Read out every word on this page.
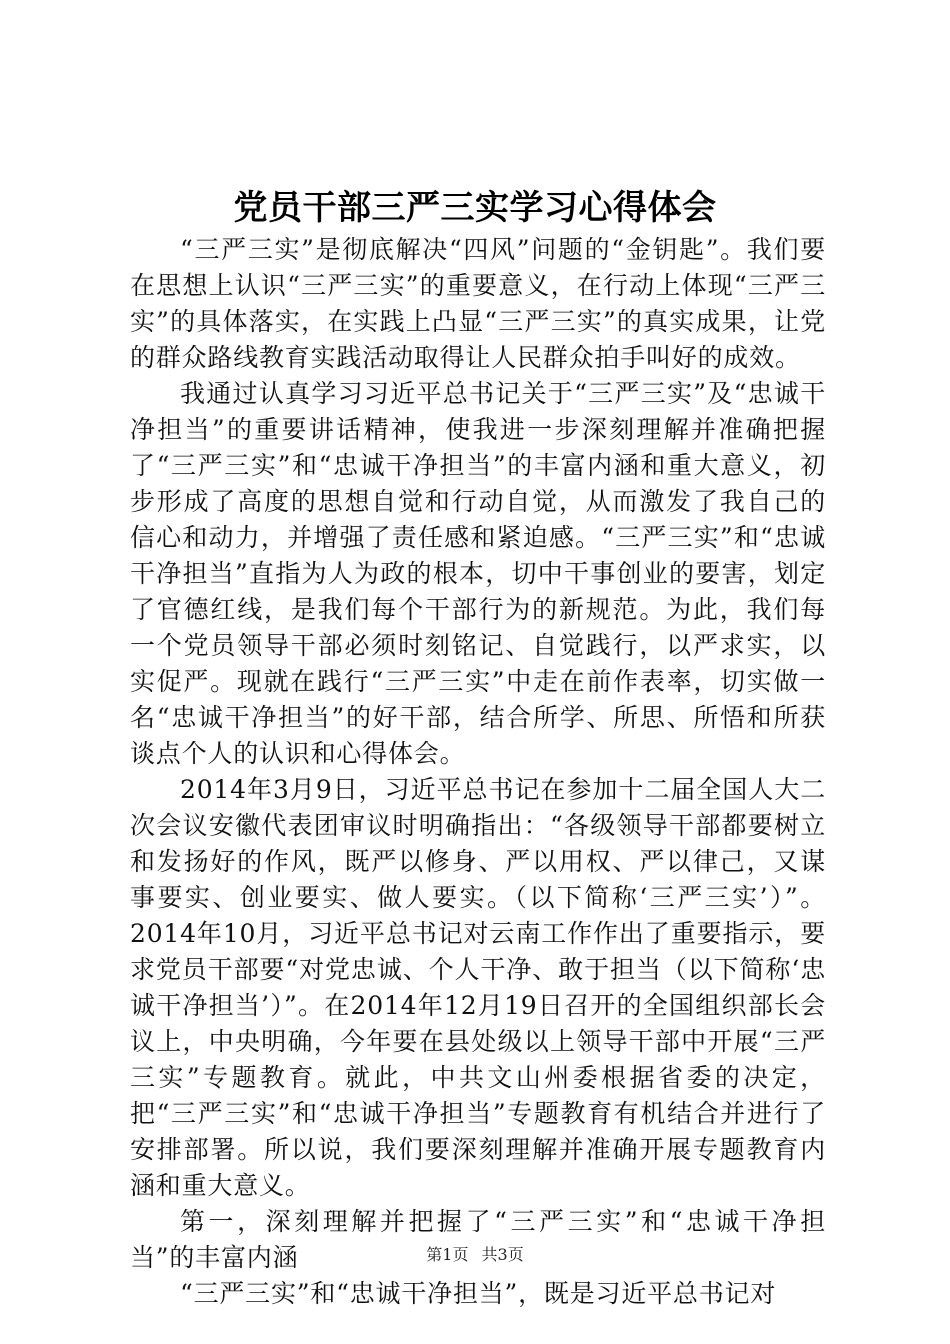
党员干部三严三实学习心得体会

“三严三实”是彻底解决“四风”问题的“金钥匙”。我们要在思想上认识“三严三实”的重要意义，在行动上体现“三严三实”的具体落实，在实践上凸显“三严三实”的真实成果，让党的群众路线教育实践活动取得让人民群众拍手叫好的成效。

我通过认真学习习近平总书记关于“三严三实”及“忠诚干净担当”的重要讲话精神，使我进一步深刻理解并准确把握了“三严三实”和“忠诚干净担当”的丰富内涵和重大意义，初步形成了高度的思想自觉和行动自觉，从而激发了我自己的信心和动力，并增强了责任感和紧迫感。“三严三实”和“忠诚干净担当”直指为人为政的根本，切中干事创业的要害，划定了官德红线，是我们每个干部行为的新规范。为此，我们每一个党员领导干部必须时刻铭记、自觉践行，以严求实，以实促严。现就在践行“三严三实”中走在前作表率，切实做一名“忠诚干净担当”的好干部，结合所学、所思、所悟和所获谈点个人的认识和心得体会。

2014年3月9日，习近平总书记在参加十二届全国人大二次会议安徽代表团审议时明确指出：“各级领导干部都要树立和发扬好的作风，既严以修身、严以用权、严以律己，又谋事要实、创业要实、做人要实。（以下简称‘三严三实’）”。2014年10月，习近平总书记对云南工作作出了重要指示，要求党员干部要“对党忠诚、个人干净、敢于担当（以下简称‘忠诚干净担当’）”。在2014年12月19日召开的全国组织部长会议上，中央明确，今年要在县处级以上领导干部中开展“三严三实”专题教育。就此，中共文山州委根据省委的决定，把“三严三实”和“忠诚干净担当”专题教育有机结合并进行了安排部署。所以说，我们要深刻理解并准确开展专题教育内涵和重大意义。

第一，深刻理解并把握了“三严三实”和“忠诚干净担当”的丰富内涵

“三严三实”和“忠诚干净担当”，既是习近平总书记对

第1页 共3页
